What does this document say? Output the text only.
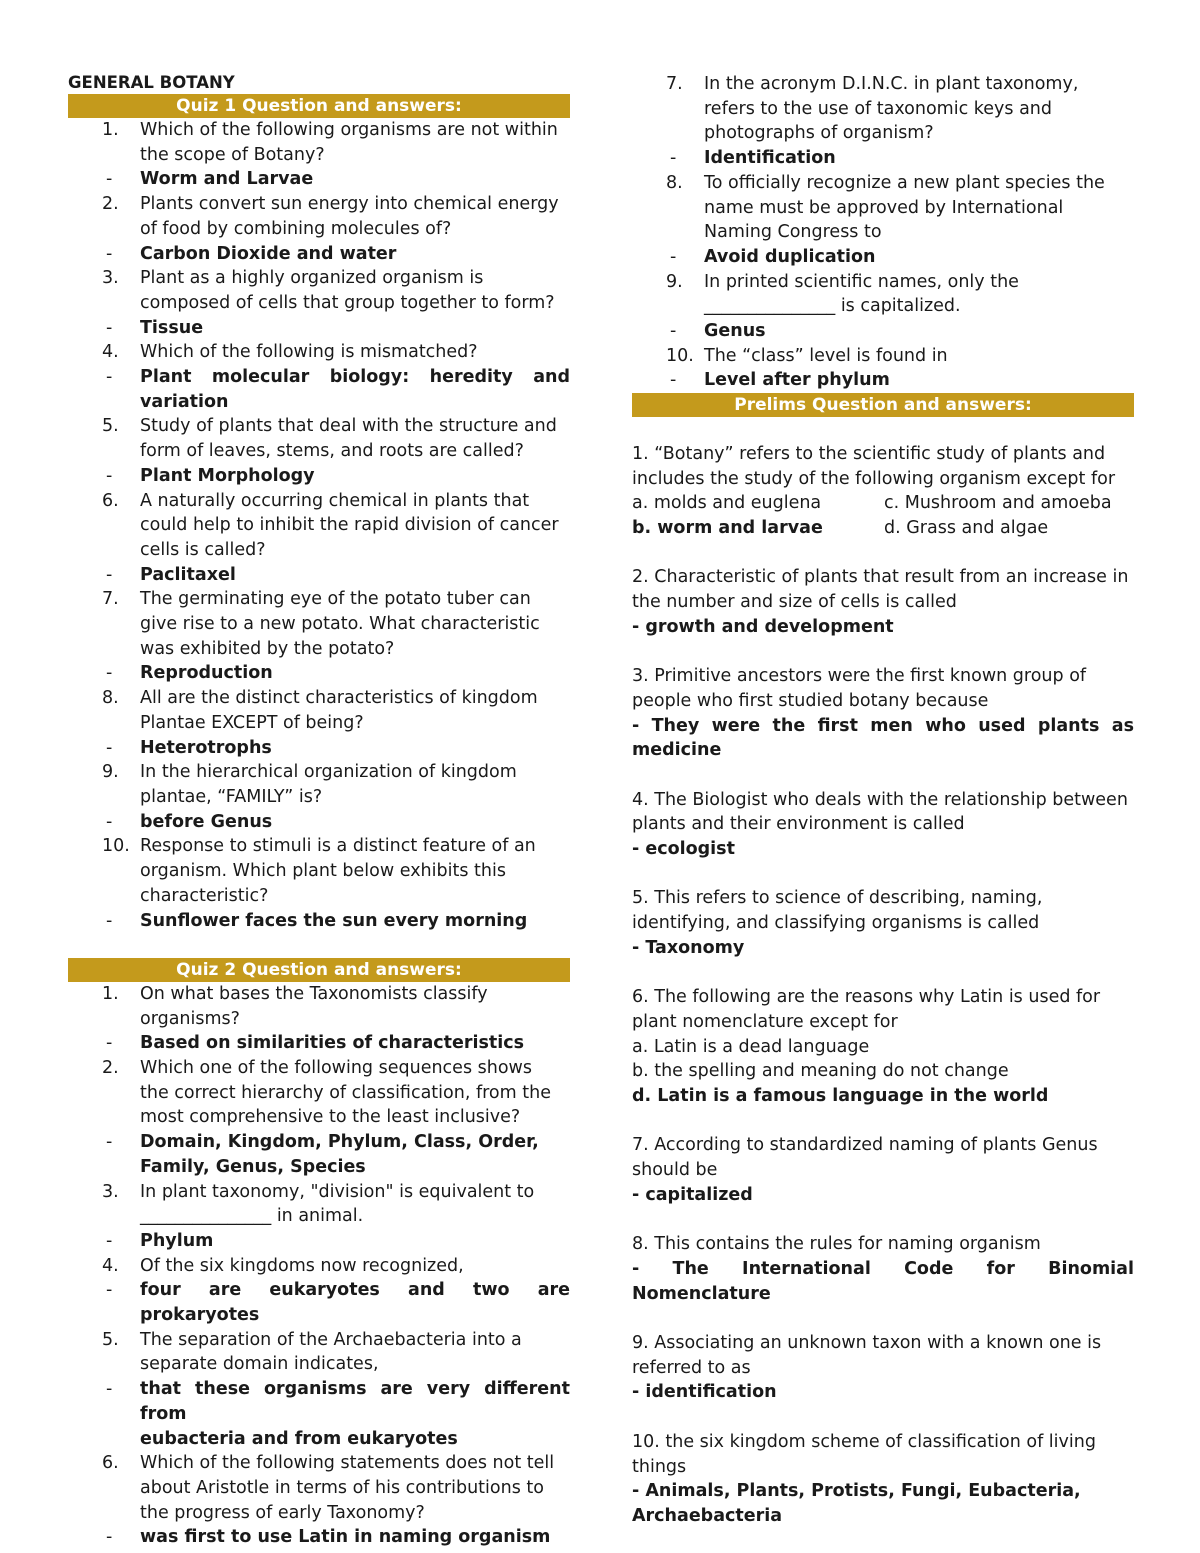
GENERAL BOTANY
Quiz 1 Question and answers:
1.	Which of the following organisms are not within
the scope of Botany?
-	Worm and Larvae
2.	Plants convert sun energy into chemical energy
of food by combining molecules of?
-	Carbon Dioxide and water
3.	Plant as a highly organized organism is
composed of cells that group together to form?
-	Tissue
4.	Which of the following is mismatched?
-	Plant molecular biology: heredity and variation
5.	Study of plants that deal with the structure and
form of leaves, stems, and roots are called?
-	Plant Morphology
6.	A naturally occurring chemical in plants that
could help to inhibit the rapid division of cancer
cells is called?
-	Paclitaxel
7.	The germinating eye of the potato tuber can
give rise to a new potato. What characteristic
was exhibited by the potato?
-	Reproduction
8.	All are the distinct characteristics of kingdom
Plantae EXCEPT of being?
-	Heterotrophs
9.	In the hierarchical organization of kingdom
plantae, “FAMILY” is?
-	before Genus
10. Response to stimuli is a distinct feature of an
organism. Which plant below exhibits this
characteristic?
-	Sunflower faces the sun every morning
Quiz 2 Question and answers:
1.	On what bases the Taxonomists classify
organisms?
-	Based on similarities of characteristics
2.	Which one of the following sequences shows
the correct hierarchy of classification, from the
most comprehensive to the least inclusive?
-	Domain, Kingdom, Phylum, Class, Order,
Family, Genus, Species
3.	In plant taxonomy, "division" is equivalent to
_______________ in animal.
-	Phylum
4.	Of the six kingdoms now recognized,
-	four are eukaryotes and two are prokaryotes
5.	The separation of the Archaebacteria into a
separate domain indicates,
-	that these organisms are very different from
eubacteria and from eukaryotes
6.	Which of the following statements does not tell
about Aristotle in terms of his contributions to
the progress of early Taxonomy?
-	was first to use Latin in naming organism
7.	In the acronym D.I.N.C. in plant taxonomy,
refers to the use of taxonomic keys and
photographs of organism?
-	Identification
8.	To officially recognize a new plant species the
name must be approved by International
Naming Congress to
-	Avoid duplication
9.	In printed scientific names, only the
_______________ is capitalized.
-	Genus
10. The “class” level is found in
-	Level after phylum
Prelims Question and answers:
1. “Botany” refers to the scientific study of plants and
includes the study of the following organism except for
a. molds and euglena	c. Mushroom and amoeba
b. worm and larvae	d. Grass and algae
2. Characteristic of plants that result from an increase in
the number and size of cells is called
- growth and development
3. Primitive ancestors were the first known group of
people who first studied botany because
- They were the first men who used plants as medicine
4. The Biologist who deals with the relationship between
plants and their environment is called
- ecologist
5. This refers to science of describing, naming,
identifying, and classifying organisms is called
- Taxonomy
6. The following are the reasons why Latin is used for
plant nomenclature except for
a. Latin is a dead language
b. the spelling and meaning do not change
d. Latin is a famous language in the world
7. According to standardized naming of plants Genus
should be
- capitalized
8. This contains the rules for naming organism
- The International Code for Binomial Nomenclature
9. Associating an unknown taxon with a known one is
referred to as
- identification
10. the six kingdom scheme of classification of living
things
- Animals, Plants, Protists, Fungi, Eubacteria,
Archaebacteria
